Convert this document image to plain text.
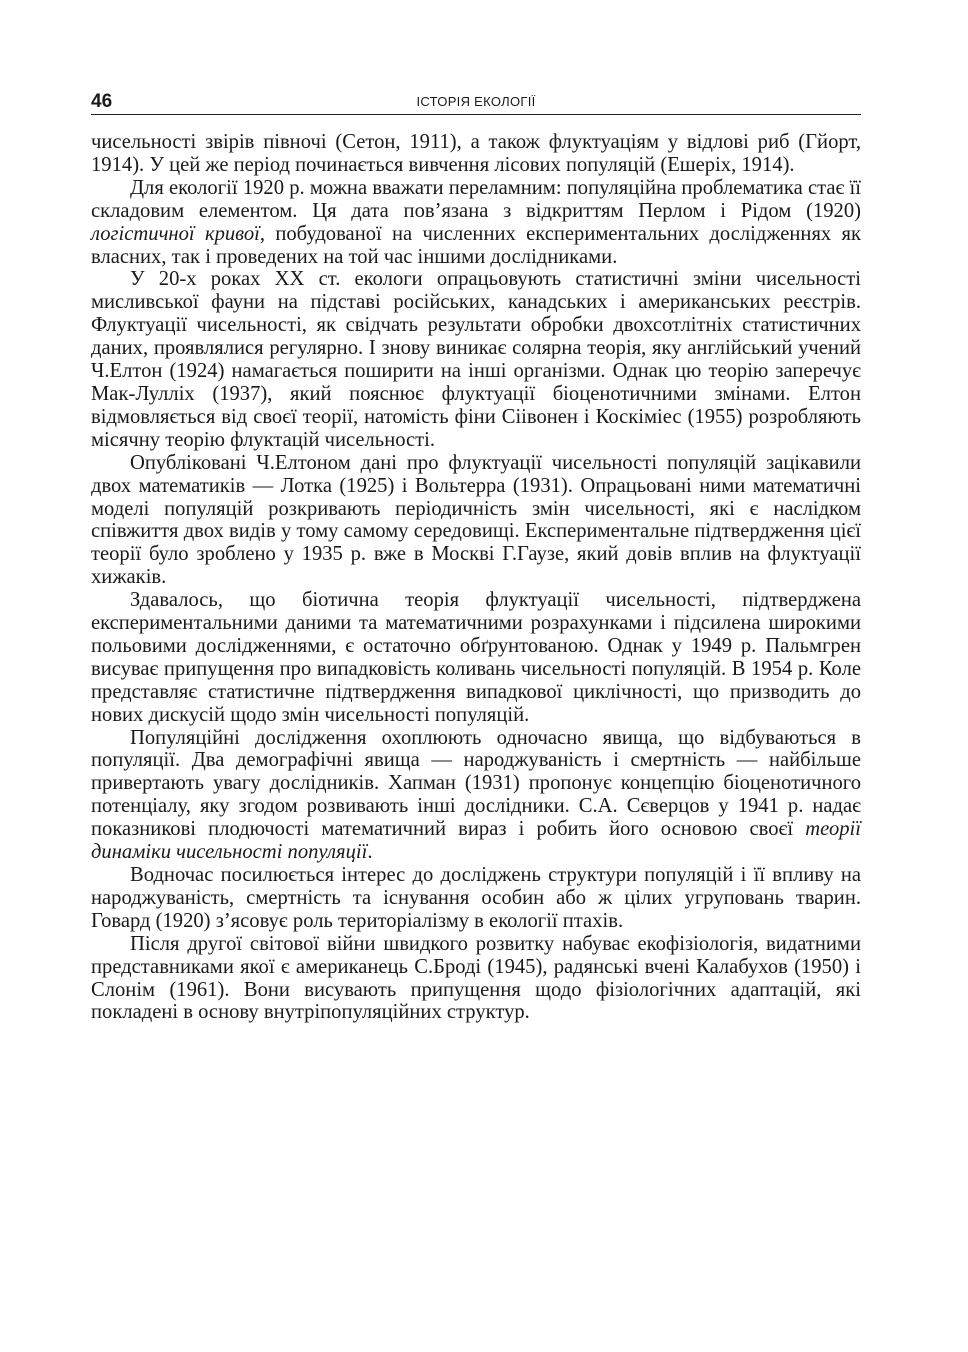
46	ІСТОРІЯ ЕКОЛОГІЇ

чисельності звірів півночі (Сетон, 1911), а також флуктуаціям у відлові риб (Гйорт, 1914). У цей же період починається вивчення лісових популяцій (Ешеріх, 1914).

Для екології 1920 р. можна вважати переламним: популяційна проблематика стає її складовим елементом. Ця дата пов’язана з відкриттям Перлом і Рідом (1920) логістичної кривої, побудованої на численних експериментальних дослідженнях як власних, так і проведених на той час іншими дослідниками.

У 20-х роках XX ст. екологи опрацьовують статистичні зміни чисельності мисливської фауни на підставі російських, канадських і американських реєстрів. Флуктуації чисельності, як свідчать результати обробки двохсотлітніх статистичних даних, проявлялися регулярно. І знову виникає солярна теорія, яку англійський учений Ч.Елтон (1924) намагається поширити на інші організми. Однак цю теорію заперечує Мак-Лулліх (1937), який пояснює флуктуації біоценотичними змінами. Елтон відмовляється від своєї теорії, натомість фіни Сіівонен і Коскіміес (1955) розробляють місячну теорію флуктацій чисельності.

Опубліковані Ч.Елтоном дані про флуктуації чисельності популяцій зацікавили двох математиків — Лотка (1925) і Вольтерра (1931). Опрацьовані ними математичні моделі популяцій розкривають періодичність змін чисельності, які є наслідком співжиття двох видів у тому самому середовищі. Експериментальне підтвердження цієї теорії було зроблено у 1935 р. вже в Москві Г.Гаузе, який довів вплив на флуктуації хижаків.

Здавалось, що біотична теорія флуктуації чисельності, підтверджена експериментальними даними та математичними розрахунками і підсилена широкими польовими дослідженнями, є остаточно обґрунтованою. Однак у 1949 р. Пальмгрен висуває припущення про випадковість коливань чисельності популяцій. В 1954 р. Коле представляє статистичне підтвердження випадкової циклічності, що призводить до нових дискусій щодо змін чисельності популяцій.

Популяційні дослідження охоплюють одночасно явища, що відбуваються в популяції. Два демографічні явища — народжуваність і смертність — найбільше привертають увагу дослідників. Хапман (1931) пропонує концепцію біоценотичного потенціалу, яку згодом розвивають інші дослідники. С.А. Сєверцов у 1941 р. надає показникові плодючості математичний вираз і робить його основою своєї теорії динаміки чисельності популяції.

Водночас посилюється інтерес до досліджень структури популяцій і її впливу на народжуваність, смертність та існування особин або ж цілих угруповань тварин. Говард (1920) з’ясовує роль територіалізму в екології птахів.

Після другої світової війни швидкого розвитку набуває екофізіологія, видатними представниками якої є американець С.Броді (1945), радянські вчені Калабухов (1950) і Слонім (1961). Вони висувають припущення щодо фізіологічних адаптацій, які покладені в основу внутріпопуляційних структур.
